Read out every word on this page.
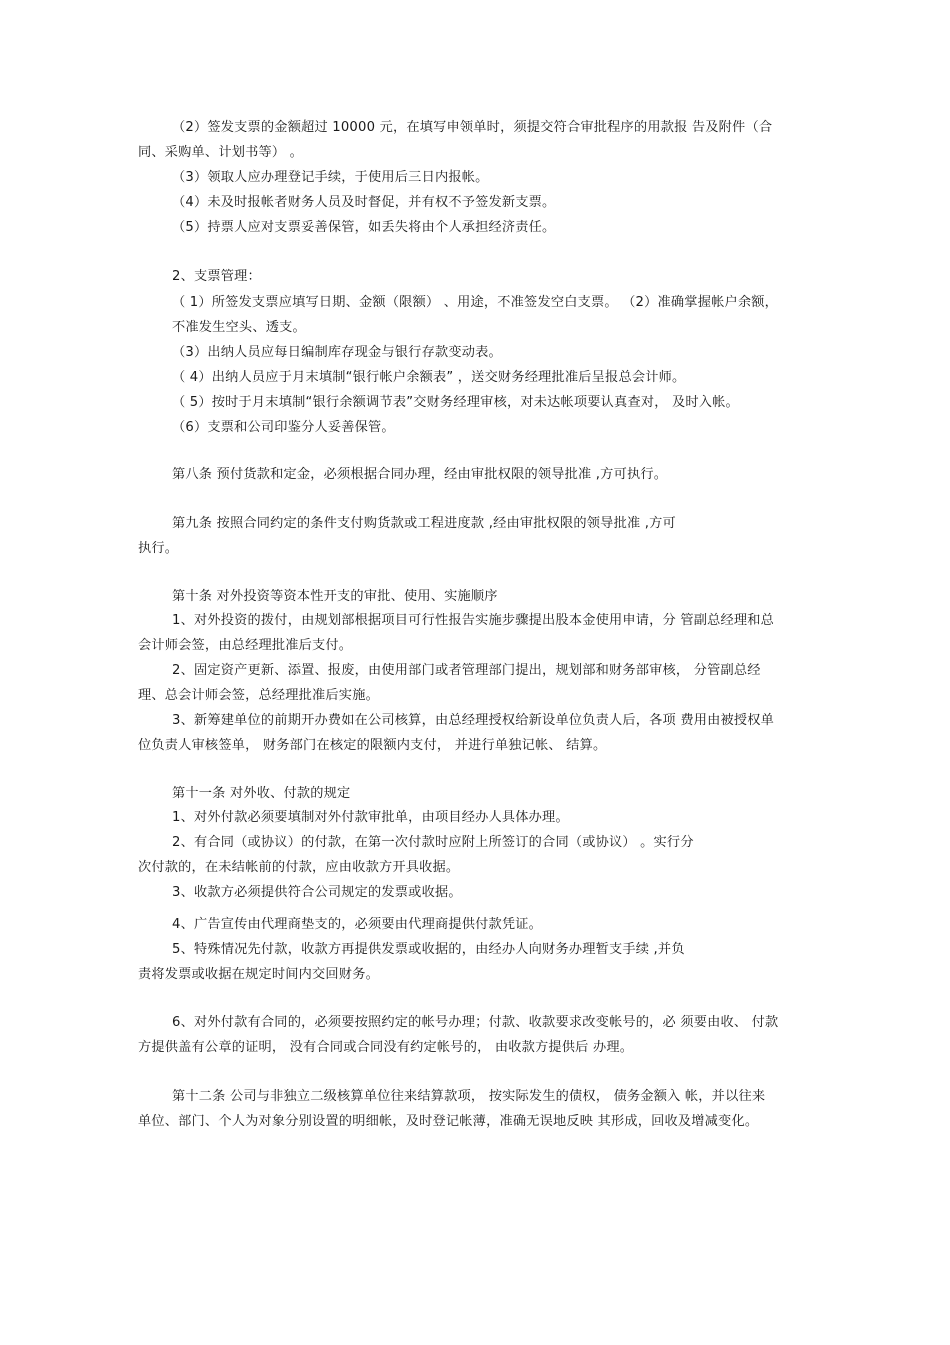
（2）签发支票的金额超过 10000 元，在填写申领单时，须提交符合审批程序的用款报 告及附件（合
同、采购单、计划书等） 。
（3）领取人应办理登记手续，于使用后三日内报帐。
（4）未及时报帐者财务人员及时督促，并有权不予签发新支票。
（5）持票人应对支票妥善保管，如丢失将由个人承担经济责任。
2、支票管理：
（ 1）所签发支票应填写日期、金额（限额） 、用途，不准签发空白支票。 （2）准确掌握帐户余额，
不准发生空头、透支。
（3）出纳人员应每日编制库存现金与银行存款变动表。
（ 4）出纳人员应于月末填制“银行帐户余额表” ，送交财务经理批准后呈报总会计师。
（ 5）按时于月末填制“银行余额调节表”交财务经理审核，对未达帐项要认真查对， 及时入帐。
（6）支票和公司印鉴分人妥善保管。
第八条 预付货款和定金，必须根据合同办理，经由审批权限的领导批准 ,方可执行。
第九条 按照合同约定的条件支付购货款或工程进度款 ,经由审批权限的领导批准 ,方可
执行。
第十条 对外投资等资本性开支的审批、使用、实施顺序
1、对外投资的拨付，由规划部根据项目可行性报告实施步骤提出股本金使用申请，分 管副总经理和总
会计师会签，由总经理批准后支付。
2、固定资产更新、添置、报废，由使用部门或者管理部门提出，规划部和财务部审核， 分管副总经
理、总会计师会签，总经理批准后实施。
3、新筹建单位的前期开办费如在公司核算，由总经理授权给新设单位负责人后，各项 费用由被授权单
位负责人审核签单， 财务部门在核定的限额内支付， 并进行单独记帐、 结算。
第十一条 对外收、付款的规定
1、对外付款必须要填制对外付款审批单，由项目经办人具体办理。
2、有合同（或协议）的付款，在第一次付款时应附上所签订的合同（或协议） 。实行分
次付款的，在未结帐前的付款，应由收款方开具收据。
3、收款方必须提供符合公司规定的发票或收据。
4、广告宣传由代理商垫支的，必须要由代理商提供付款凭证。
5、特殊情况先付款，收款方再提供发票或收据的，由经办人向财务办理暂支手续 ,并负
责将发票或收据在规定时间内交回财务。
6、对外付款有合同的，必须要按照约定的帐号办理；付款、收款要求改变帐号的，必 须要由收、 付款
方提供盖有公章的证明， 没有合同或合同没有约定帐号的， 由收款方提供后 办理。
第十二条 公司与非独立二级核算单位往来结算款项， 按实际发生的债权， 债务金额入 帐，并以往来
单位、部门、个人为对象分别设置的明细帐，及时登记帐薄，准确无误地反映 其形成，回收及增减变化。
